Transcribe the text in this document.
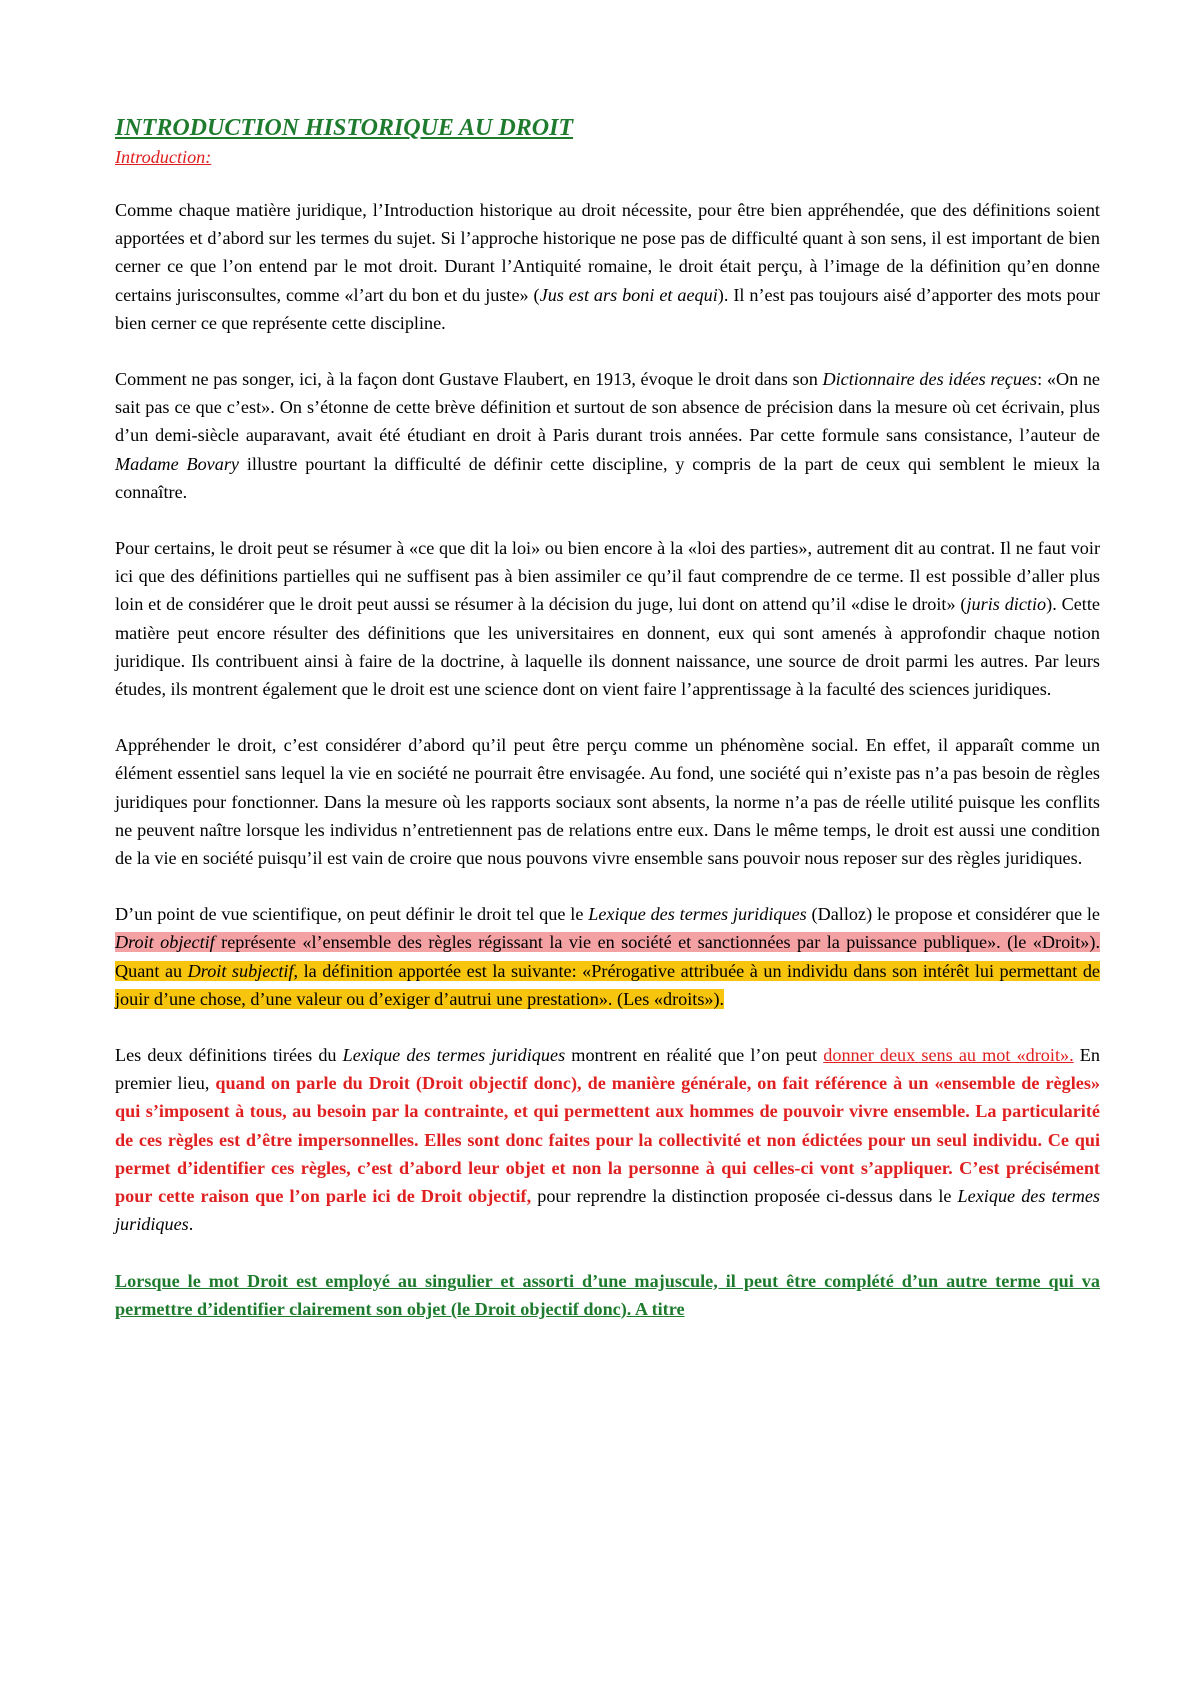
INTRODUCTION HISTORIQUE AU DROIT
Introduction:

Comme chaque matière juridique, l’Introduction historique au droit nécessite, pour être bien appréhendée, que des définitions soient apportées et d’abord sur les termes du sujet. Si l’approche historique ne pose pas de difficulté quant à son sens, il est important de bien cerner ce que l’on entend par le mot droit. Durant l’Antiquité romaine, le droit était perçu, à l’image de la définition qu’en donne certains jurisconsultes, comme «l’art du bon et du juste» (Jus est ars boni et aequi). Il n’est pas toujours aisé d’apporter des mots pour bien cerner ce que représente cette discipline.

Comment ne pas songer, ici, à la façon dont Gustave Flaubert, en 1913, évoque le droit dans son Dictionnaire des idées reçues: «On ne sait pas ce que c’est». On s’étonne de cette brève définition et surtout de son absence de précision dans la mesure où cet écrivain, plus d’un demi-siècle auparavant, avait été étudiant en droit à Paris durant trois années. Par cette formule sans consistance, l’auteur de Madame Bovary illustre pourtant la difficulté de définir cette discipline, y compris de la part de ceux qui semblent le mieux la connaître.

Pour certains, le droit peut se résumer à «ce que dit la loi» ou bien encore à la «loi des parties», autrement dit au contrat. Il ne faut voir ici que des définitions partielles qui ne suffisent pas à bien assimiler ce qu’il faut comprendre de ce terme. Il est possible d’aller plus loin et de considérer que le droit peut aussi se résumer à la décision du juge, lui dont on attend qu’il «dise le droit» (juris dictio). Cette matière peut encore résulter des définitions que les universitaires en donnent, eux qui sont amenés à approfondir chaque notion juridique. Ils contribuent ainsi à faire de la doctrine, à laquelle ils donnent naissance, une source de droit parmi les autres. Par leurs études, ils montrent également que le droit est une science dont on vient faire l’apprentissage à la faculté des sciences juridiques.

Appréhender le droit, c’est considérer d’abord qu’il peut être perçu comme un phénomène social. En effet, il apparaît comme un élément essentiel sans lequel la vie en société ne pourrait être envisagée. Au fond, une société qui n’existe pas n’a pas besoin de règles juridiques pour fonctionner. Dans la mesure où les rapports sociaux sont absents, la norme n’a pas de réelle utilité puisque les conflits ne peuvent naître lorsque les individus n’entretiennent pas de relations entre eux. Dans le même temps, le droit est aussi une condition de la vie en société puisqu’il est vain de croire que nous pouvons vivre ensemble sans pouvoir nous reposer sur des règles juridiques.

D’un point de vue scientifique, on peut définir le droit tel que le Lexique des termes juridiques (Dalloz) le propose et considérer que le Droit objectif représente «l’ensemble des règles régissant la vie en société et sanctionnées par la puissance publique». (le «Droit»). Quant au Droit subjectif, la définition apportée est la suivante: «Prérogative attribuée à un individu dans son intérêt lui permettant de jouir d’une chose, d’une valeur ou d’exiger d’autrui une prestation». (Les «droits»).

Les deux définitions tirées du Lexique des termes juridiques montrent en réalité que l’on peut donner deux sens au mot «droit». En premier lieu, quand on parle du Droit (Droit objectif donc), de manière générale, on fait référence à un «ensemble de règles» qui s’imposent à tous, au besoin par la contrainte, et qui permettent aux hommes de pouvoir vivre ensemble. La particularité de ces règles est d’être impersonnelles. Elles sont donc faites pour la collectivité et non édictées pour un seul individu. Ce qui permet d’identifier ces règles, c’est d’abord leur objet et non la personne à qui celles-ci vont s’appliquer. C’est précisément pour cette raison que l’on parle ici de Droit objectif, pour reprendre la distinction proposée ci-dessus dans le Lexique des termes juridiques.

Lorsque le mot Droit est employé au singulier et assorti d’une majuscule, il peut être complété d’un autre terme qui va permettre d’identifier clairement son objet (le Droit objectif donc). A titre
